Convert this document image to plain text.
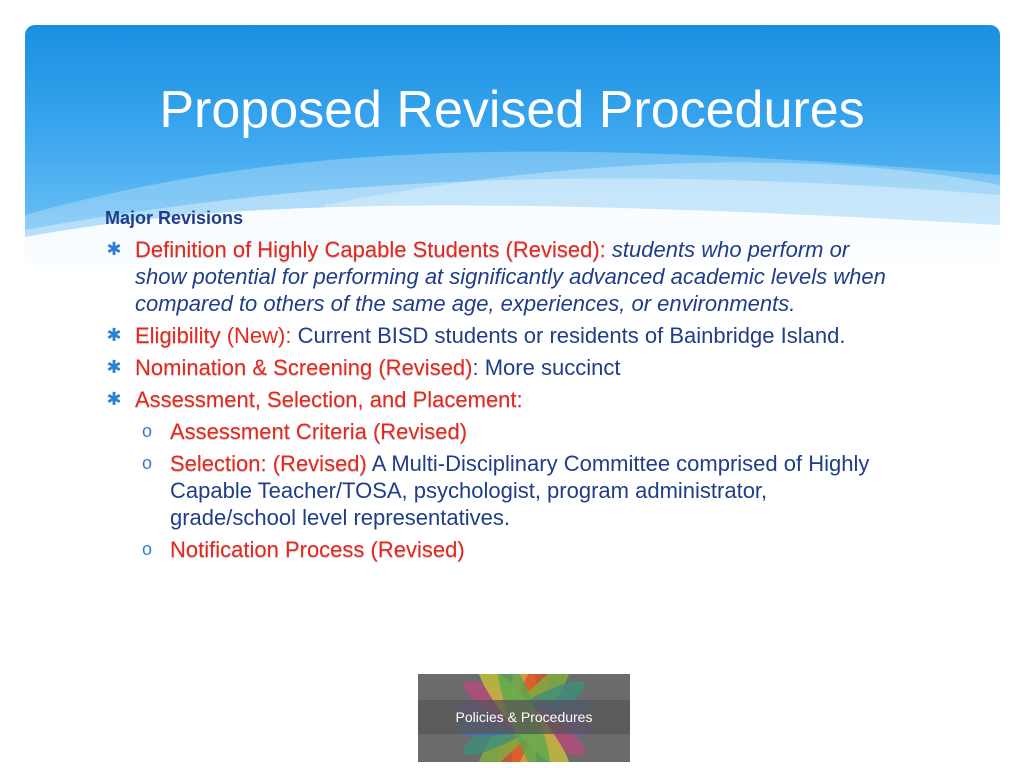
Proposed Revised Procedures
Major Revisions
✱ Definition of Highly Capable Students (Revised): students who perform or show potential for performing at significantly advanced academic levels when compared to others of the same age, experiences, or environments.
✱ Eligibility (New): Current BISD students or residents of Bainbridge Island.
✱ Nomination & Screening (Revised): More succinct
✱ Assessment, Selection, and Placement:
o Assessment Criteria (Revised)
o Selection: (Revised) A Multi-Disciplinary Committee comprised of Highly Capable Teacher/TOSA, psychologist, program administrator, grade/school level representatives.
o Notification Process (Revised)
Policies & Procedures
